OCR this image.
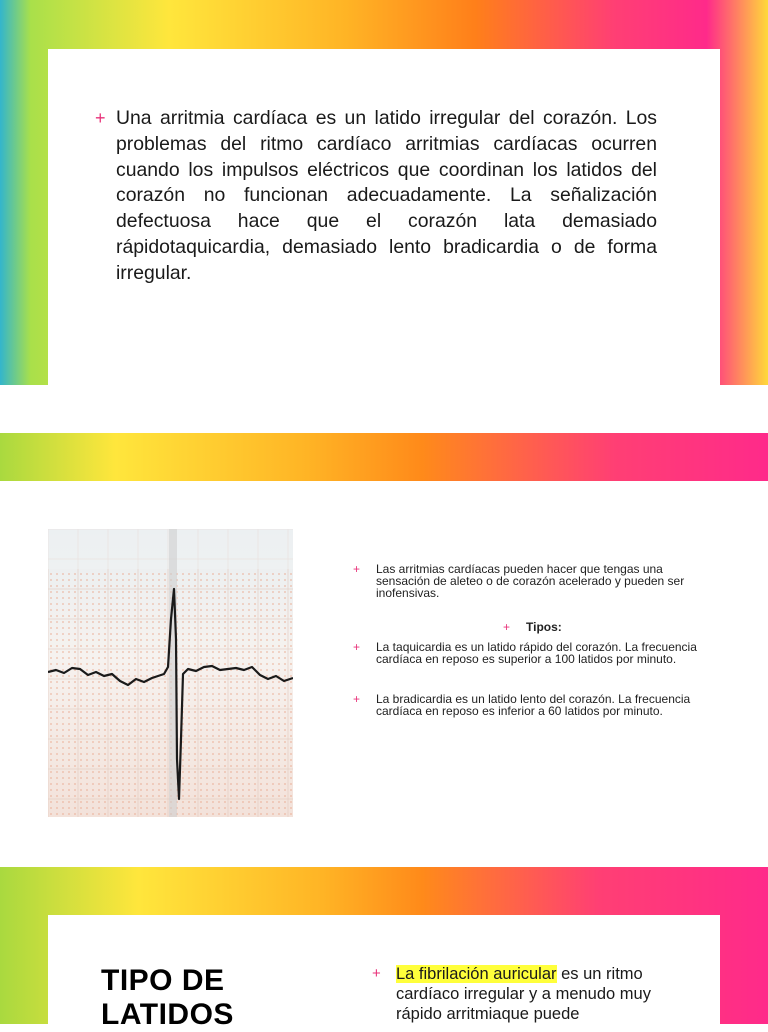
+ Una arritmia cardíaca es un latido irregular del corazón. Los problemas del ritmo cardíaco arritmias cardíacas ocurren cuando los impulsos eléctricos que coordinan los latidos del corazón no funcionan adecuadamente. La señalización defectuosa hace que el corazón lata demasiado rápidotaquicardia, demasiado lento bradicardia o de forma irregular.
+	Las arritmias cardíacas pueden hacer que tengas una sensación de aleteo o de corazón acelerado y pueden ser inofensivas.
+	Tipos:
+	La taquicardia es un latido rápido del corazón. La frecuencia cardíaca en reposo es superior a 100 latidos por minuto.
+	La bradicardia es un latido lento del corazón. La frecuencia cardíaca en reposo es inferior a 60 latidos por minuto.
TIPO DE
LATIDOS
+ La fibrilación auricular es un ritmo cardíaco irregular y a menudo muy rápido arritmiaque puede
